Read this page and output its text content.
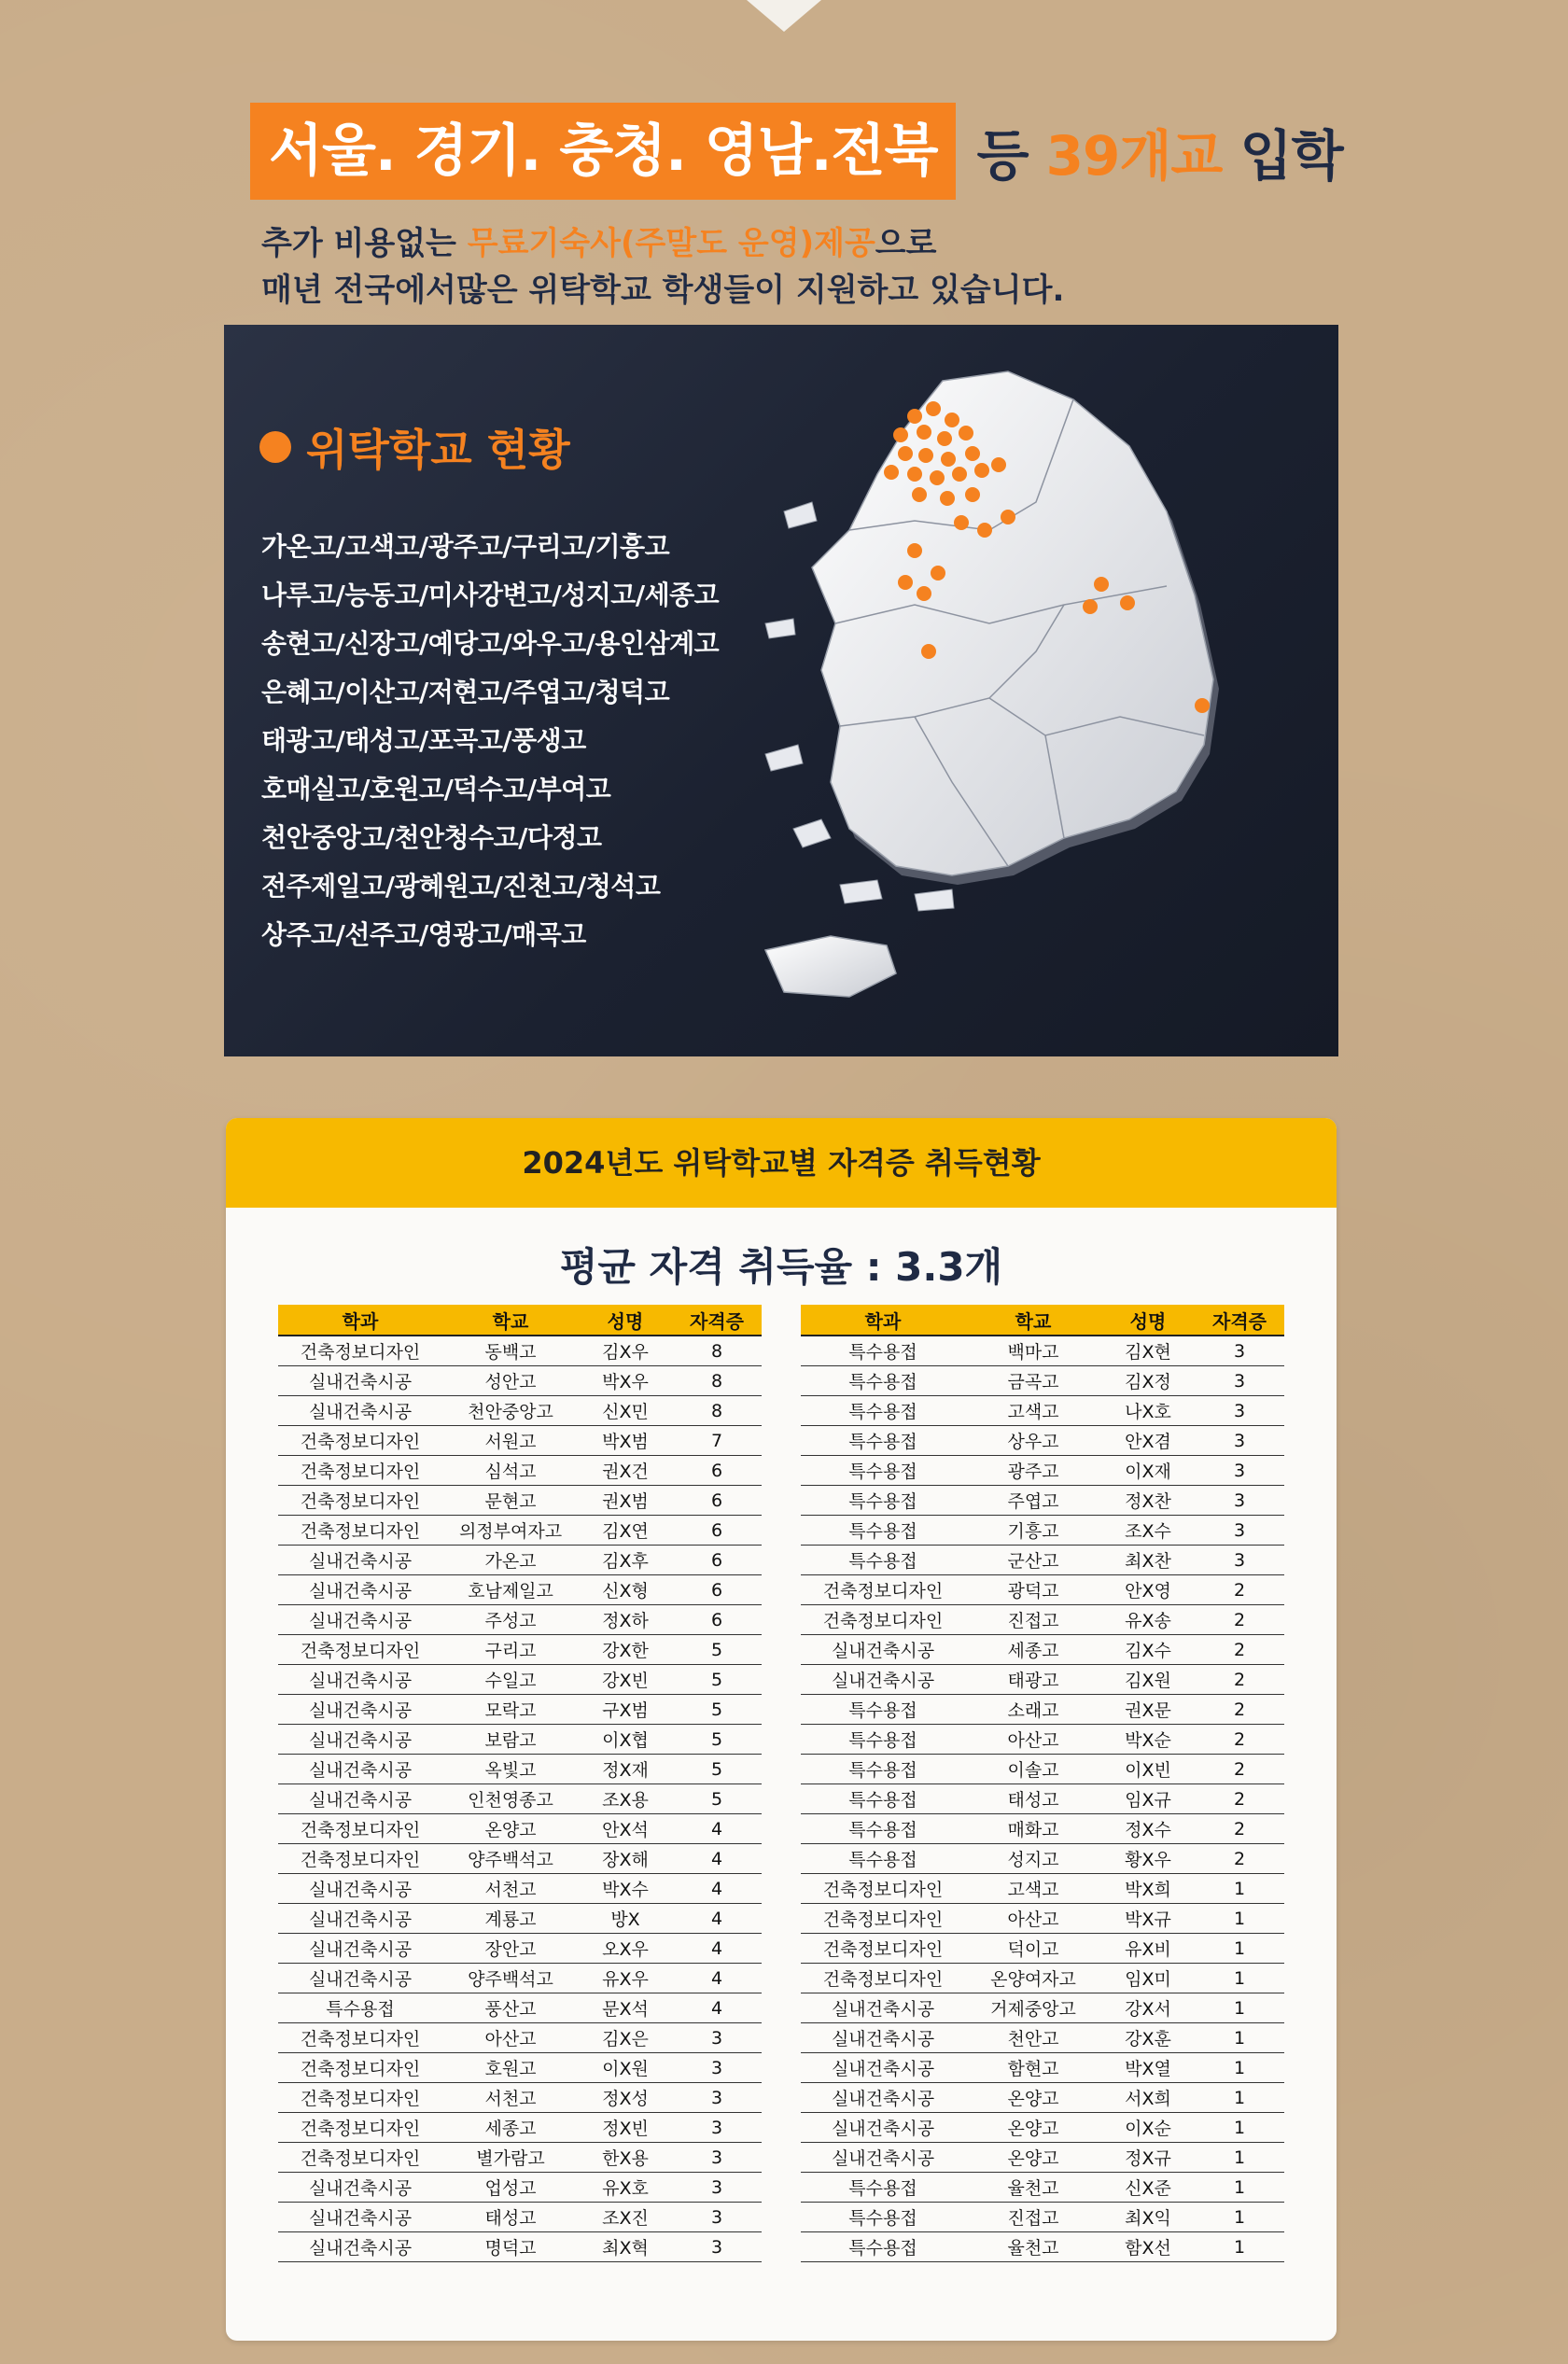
서울. 경기. 충청. 영남.전북 등 39개교 입학
추가 비용없는 무료기숙사(주말도 운영)제공으로
매년 전국에서많은 위탁학교 학생들이 지원하고 있습니다.
위탁학교 현황
가온고/고색고/광주고/구리고/기흥고
나루고/능동고/미사강변고/성지고/세종고
송현고/신장고/예당고/와우고/용인삼계고
은혜고/이산고/저현고/주엽고/청덕고
태광고/태성고/포곡고/풍생고
호매실고/호원고/덕수고/부여고
천안중앙고/천안청수고/다정고
전주제일고/광혜원고/진천고/청석고
상주고/선주고/영광고/매곡고
2024년도 위탁학교별 자격증 취득현황
평균 자격 취득율 : 3.3개
학과	학교	성명	자격증
건축정보디자인	동백고	김X우	8
실내건축시공	성안고	박X우	8
실내건축시공	천안중앙고	신X민	8
건축정보디자인	서원고	박X범	7
건축정보디자인	심석고	권X건	6
건축정보디자인	문현고	권X범	6
건축정보디자인	의정부여자고	김X연	6
실내건축시공	가온고	김X후	6
실내건축시공	호남제일고	신X형	6
실내건축시공	주성고	정X하	6
건축정보디자인	구리고	강X한	5
실내건축시공	수일고	강X빈	5
실내건축시공	모락고	구X범	5
실내건축시공	보람고	이X협	5
실내건축시공	옥빛고	정X재	5
실내건축시공	인천영종고	조X용	5
건축정보디자인	온양고	안X석	4
건축정보디자인	양주백석고	장X해	4
실내건축시공	서천고	박X수	4
실내건축시공	계룡고	방X	4
실내건축시공	장안고	오X우	4
실내건축시공	양주백석고	유X우	4
특수용접	풍산고	문X석	4
건축정보디자인	아산고	김X은	3
건축정보디자인	호원고	이X원	3
건축정보디자인	서천고	정X성	3
건축정보디자인	세종고	정X빈	3
건축정보디자인	별가람고	한X용	3
실내건축시공	업성고	유X호	3
실내건축시공	태성고	조X진	3
실내건축시공	명덕고	최X혁	3
학과	학교	성명	자격증
특수용접	백마고	김X현	3
특수용접	금곡고	김X정	3
특수용접	고색고	나X호	3
특수용접	상우고	안X겸	3
특수용접	광주고	이X재	3
특수용접	주엽고	정X찬	3
특수용접	기흥고	조X수	3
특수용접	군산고	최X찬	3
건축정보디자인	광덕고	안X영	2
건축정보디자인	진접고	유X송	2
실내건축시공	세종고	김X수	2
실내건축시공	태광고	김X원	2
특수용접	소래고	권X문	2
특수용접	아산고	박X순	2
특수용접	이솔고	이X빈	2
특수용접	태성고	임X규	2
특수용접	매화고	정X수	2
특수용접	성지고	황X우	2
건축정보디자인	고색고	박X희	1
건축정보디자인	아산고	박X규	1
건축정보디자인	덕이고	유X비	1
건축정보디자인	온양여자고	임X미	1
실내건축시공	거제중앙고	강X서	1
실내건축시공	천안고	강X훈	1
실내건축시공	함현고	박X열	1
실내건축시공	온양고	서X희	1
실내건축시공	온양고	이X순	1
실내건축시공	온양고	정X규	1
특수용접	율천고	신X준	1
특수용접	진접고	최X익	1
특수용접	율천고	함X선	1
